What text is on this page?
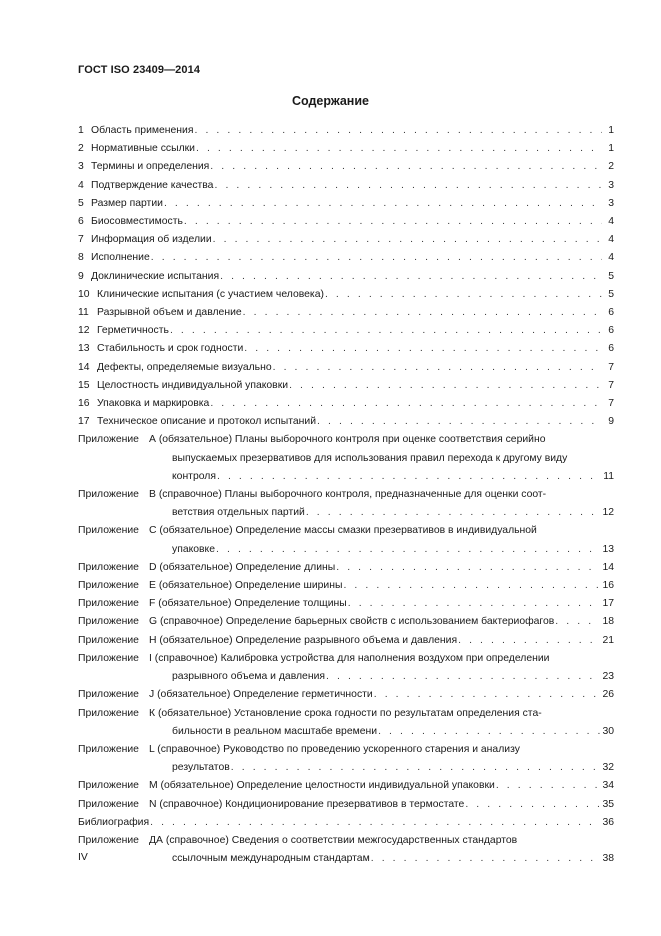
ГОСТ ISO 23409—2014
Содержание
1 Область применения . . .	1
2 Нормативные ссылки . . .	1
3 Термины и определения . . .	2
4 Подтверждение качества . . .	3
5 Размер партии . . .	3
6 Биосовместимость . . .	4
7 Информация об изделии . . .	4
8 Исполнение . . .	4
9 Доклинические испытания . . .	5
10 Клинические испытания (с участием человека) . . .	5
11 Разрывной объем и давление . . .	6
12 Герметичность . . .	6
13 Стабильность и срок годности . . .	6
14 Дефекты, определяемые визуально . . .	7
15 Целостность индивидуальной упаковки . . .	7
16 Упаковка и маркировка . . .	7
17 Техническое описание и протокол испытаний . . .	9
Приложение А (обязательное) Планы выборочного контроля при оценке соответствия серийно
выпускаемых презервативов для использования правил перехода к другому виду
контроля . . .	11
Приложение В (справочное) Планы выборочного контроля, предназначенные для оценки соот-
ветствия отдельных партий . . .	12
Приложение С (обязательное) Определение массы смазки презервативов в индивидуальной
упаковке . . .	13
Приложение D (обязательное) Определение длины . . .	14
Приложение Е (обязательное) Определение ширины . . .	16
Приложение F (обязательное) Определение толщины . . .	17
Приложение G (справочное) Определение барьерных свойств с использованием бактериофагов . . .	18
Приложение Н (обязательное) Определение разрывного объема и давления . . .	21
Приложение I (справочное) Калибровка устройства для наполнения воздухом при определении
разрывного объема и давления . . .	23
Приложение J (обязательное) Определение герметичности . . .	26
Приложение К (обязательное) Установление срока годности по результатам определения ста-
бильности в реальном масштабе времени . . .	30
Приложение L (справочное) Руководство по проведению ускоренного старения и анализу
результатов . . .	32
Приложение М (обязательное) Определение целостности индивидуальной упаковки . . .	34
Приложение N (справочное) Кондиционирование презервативов в термостате . . .	35
Библиография . . .	36
Приложение ДА (справочное) Сведения о соответствии межгосударственных стандартов
ссылочным международным стандартам . . .	38
IV
